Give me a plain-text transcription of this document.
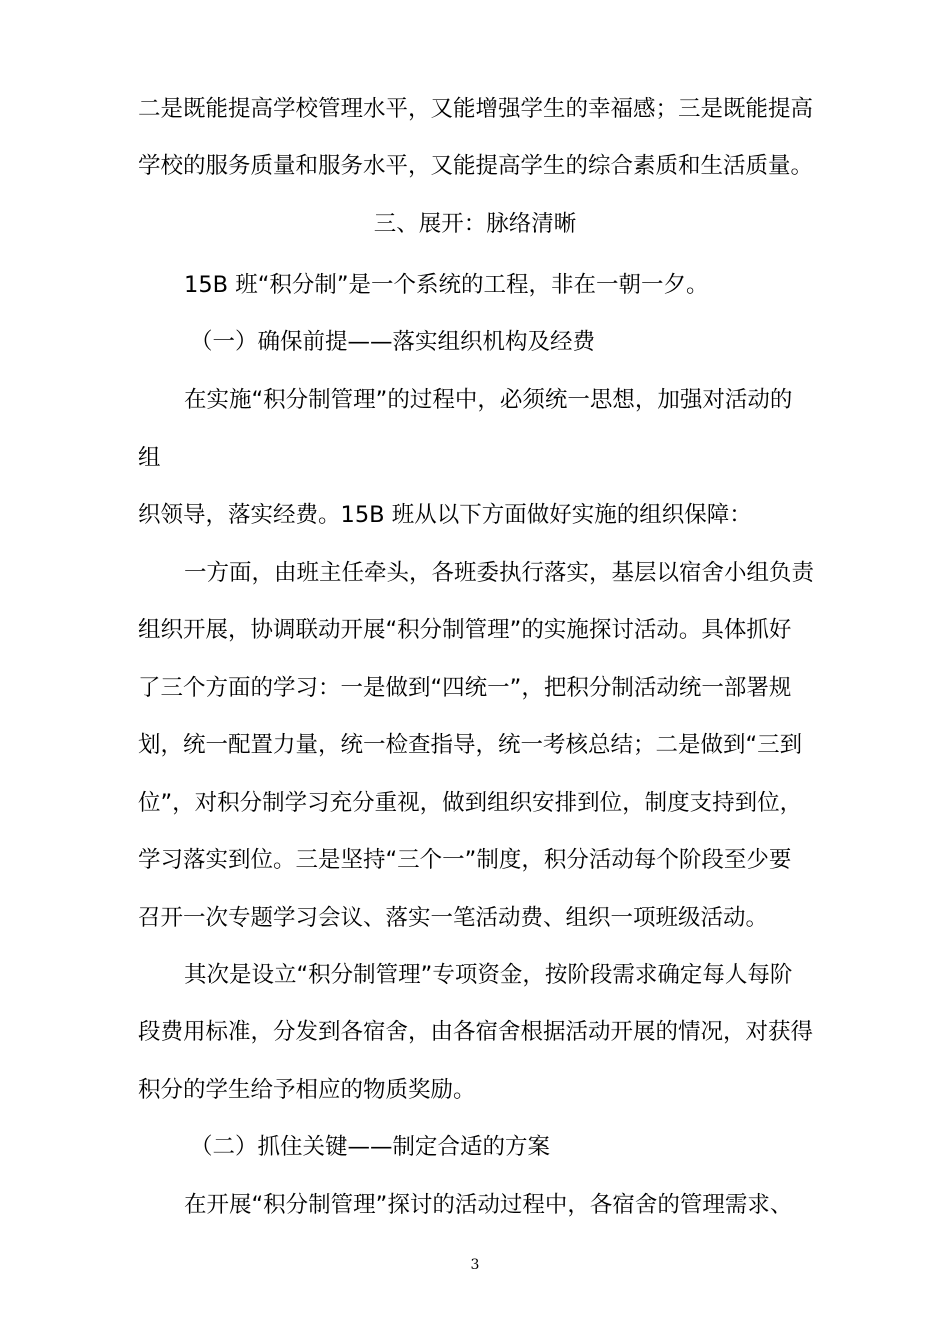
二是既能提高学校管理水平，又能增强学生的幸福感；三是既能提高
学校的服务质量和服务水平，又能提高学生的综合素质和生活质量。
三、展开：脉络清晰
15B 班“积分制”是一个系统的工程，非在一朝一夕。
（一）确保前提——落实组织机构及经费
在实施“积分制管理”的过程中，必须统一思想，加强对活动的
组
织领导，落实经费。15B 班从以下方面做好实施的组织保障：
一方面，由班主任牵头，各班委执行落实，基层以宿舍小组负责
组织开展，协调联动开展“积分制管理”的实施探讨活动。具体抓好
了三个方面的学习：一是做到“四统一”，把积分制活动统一部署规
划，统一配置力量，统一检查指导，统一考核总结；二是做到“三到
位”，对积分制学习充分重视，做到组织安排到位，制度支持到位，
学习落实到位。三是坚持“三个一”制度，积分活动每个阶段至少要
召开一次专题学习会议、落实一笔活动费、组织一项班级活动。
其次是设立“积分制管理”专项资金，按阶段需求确定每人每阶
段费用标准，分发到各宿舍，由各宿舍根据活动开展的情况，对获得
积分的学生给予相应的物质奖励。
（二）抓住关键——制定合适的方案
在开展“积分制管理”探讨的活动过程中，各宿舍的管理需求、
3
